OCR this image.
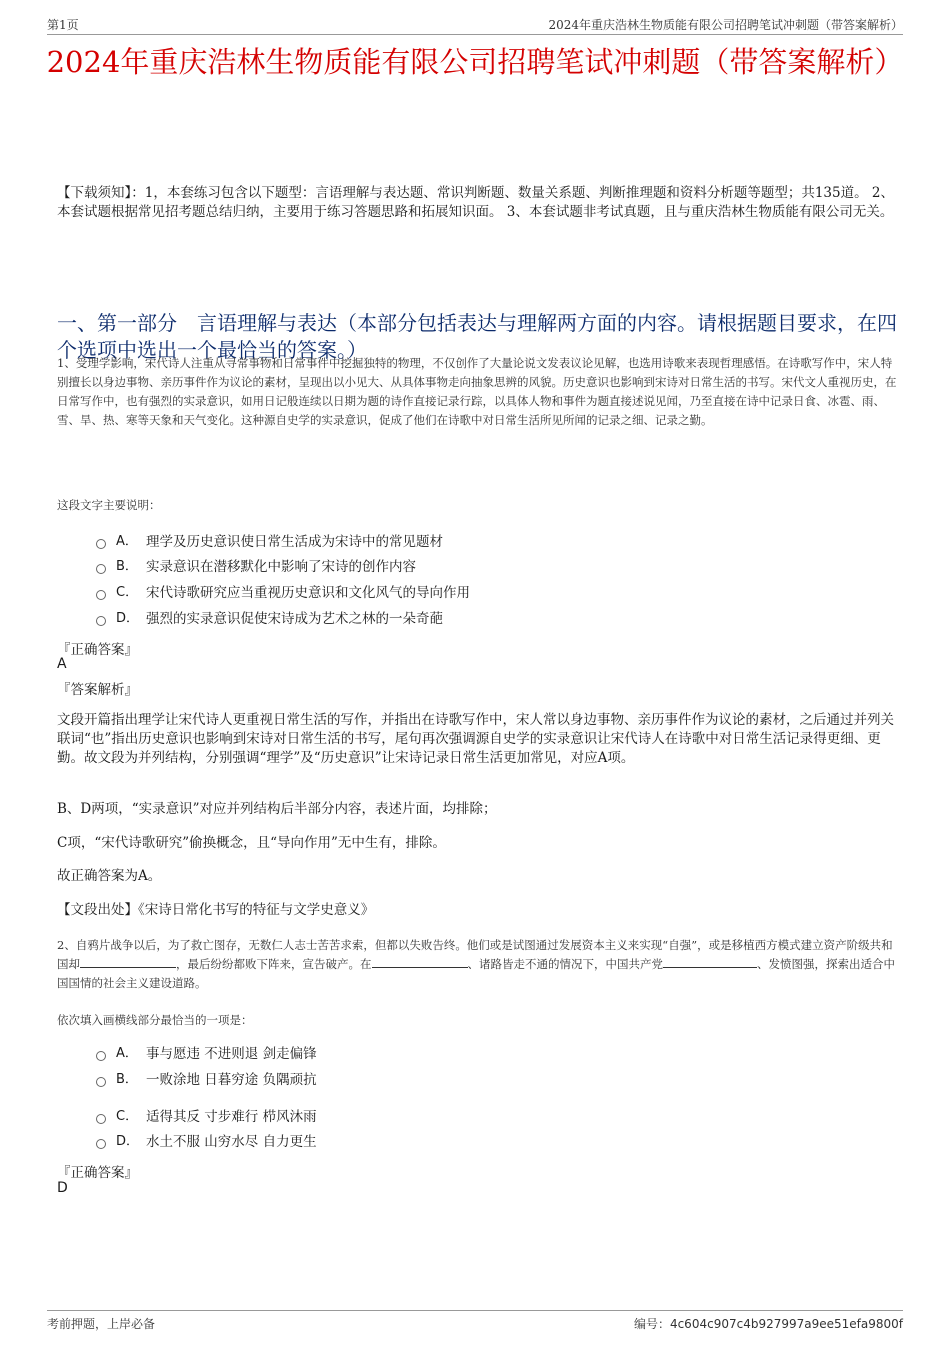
第1页	2024年重庆浩林生物质能有限公司招聘笔试冲刺题（带答案解析）
2024年重庆浩林生物质能有限公司招聘笔试冲刺题（带答案解析）
【下载须知】：1，本套练习包含以下题型：言语理解与表达题、常识判断题、数量关系题、判断推理题和资料分析题等题型；共135道。 2、本套试题根据常见招考题总结归纳，主要用于练习答题思路和拓展知识面。 3、本套试题非考试真题，且与重庆浩林生物质能有限公司无关。
一、第一部分　言语理解与表达（本部分包括表达与理解两方面的内容。请根据题目要求，在四个选项中选出一个最恰当的答案。）
1、受理学影响，宋代诗人注重从寻常事物和日常事件中挖掘独特的物理，不仅创作了大量论说文发表议论见解，也选用诗歌来表现哲理感悟。在诗歌写作中，宋人特别擅长以身边事物、亲历事件作为议论的素材，呈现出以小见大、从具体事物走向抽象思辨的风貌。历史意识也影响到宋诗对日常生活的书写。宋代文人重视历史，在日常写作中，也有强烈的实录意识，如用日记般连续以日期为题的诗作直接记录行踪，以具体人物和事件为题直接述说见闻，乃至直接在诗中记录日食、冰雹、雨、雪、旱、热、寒等天象和天气变化。这种源自史学的实录意识，促成了他们在诗歌中对日常生活所见所闻的记录之细、记录之勤。
这段文字主要说明：
A． 理学及历史意识使日常生活成为宋诗中的常见题材
B． 实录意识在潜移默化中影响了宋诗的创作内容
C． 宋代诗歌研究应当重视历史意识和文化风气的导向作用
D． 强烈的实录意识促使宋诗成为艺术之林的一朵奇葩
『正确答案』
A
『答案解析』
文段开篇指出理学让宋代诗人更重视日常生活的写作，并指出在诗歌写作中，宋人常以身边事物、亲历事件作为议论的素材，之后通过并列关联词“也”指出历史意识也影响到宋诗对日常生活的书写，尾句再次强调源自史学的实录意识让宋代诗人在诗歌中对日常生活记录得更细、更勤。故文段为并列结构，分别强调“理学”及“历史意识”让宋诗记录日常生活更加常见，对应A项。
B、D两项，“实录意识”对应并列结构后半部分内容，表述片面，均排除；
C项，“宋代诗歌研究”偷换概念，且“导向作用”无中生有，排除。
故正确答案为A。
【文段出处】《宋诗日常化书写的特征与文学史意义》
2、自鸦片战争以后，为了救亡图存，无数仁人志士苦苦求索，但都以失败告终。他们或是试图通过发展资本主义来实现“自强”，或是移植西方模式建立资产阶级共和国却	，最后纷纷都败下阵来，宣告破产。在	、诸路皆走不通的情况下，中国共产党	、发愤图强，探索出适合中国国情的社会主义建设道路。
依次填入画横线部分最恰当的一项是：
A． 事与愿违 不进则退 剑走偏锋
B． 一败涂地 日暮穷途 负隅顽抗
C． 适得其反 寸步难行 栉风沐雨
D． 水土不服 山穷水尽 自力更生
『正确答案』
D
考前押题，上岸必备	编号：4c604c907c4b927997a9ee51efa9800f
